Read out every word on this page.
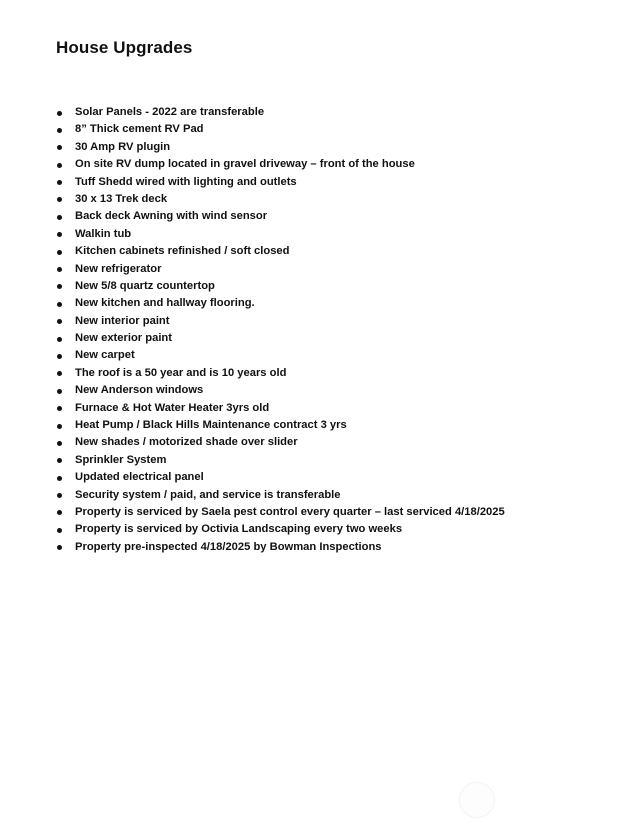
House Upgrades
Solar Panels - 2022 are transferable
8” Thick cement RV Pad
30 Amp RV plugin
On site RV dump located in gravel driveway – front of the house
Tuff Shedd wired with lighting and outlets
30 x 13 Trek deck
Back deck Awning with wind sensor
Walkin tub
Kitchen cabinets refinished / soft closed
New refrigerator
New 5/8 quartz countertop
New kitchen and hallway flooring.
New interior paint
New exterior paint
New carpet
The roof is a 50 year and is 10 years old
New Anderson windows
Furnace & Hot Water Heater 3yrs old
Heat Pump / Black Hills Maintenance contract 3 yrs
New shades / motorized shade over slider
Sprinkler System
Updated electrical panel
Security system / paid, and service is transferable
Property is serviced by Saela pest control every quarter – last serviced 4/18/2025
Property is serviced by Octivia Landscaping every two weeks
Property pre-inspected 4/18/2025 by Bowman Inspections
